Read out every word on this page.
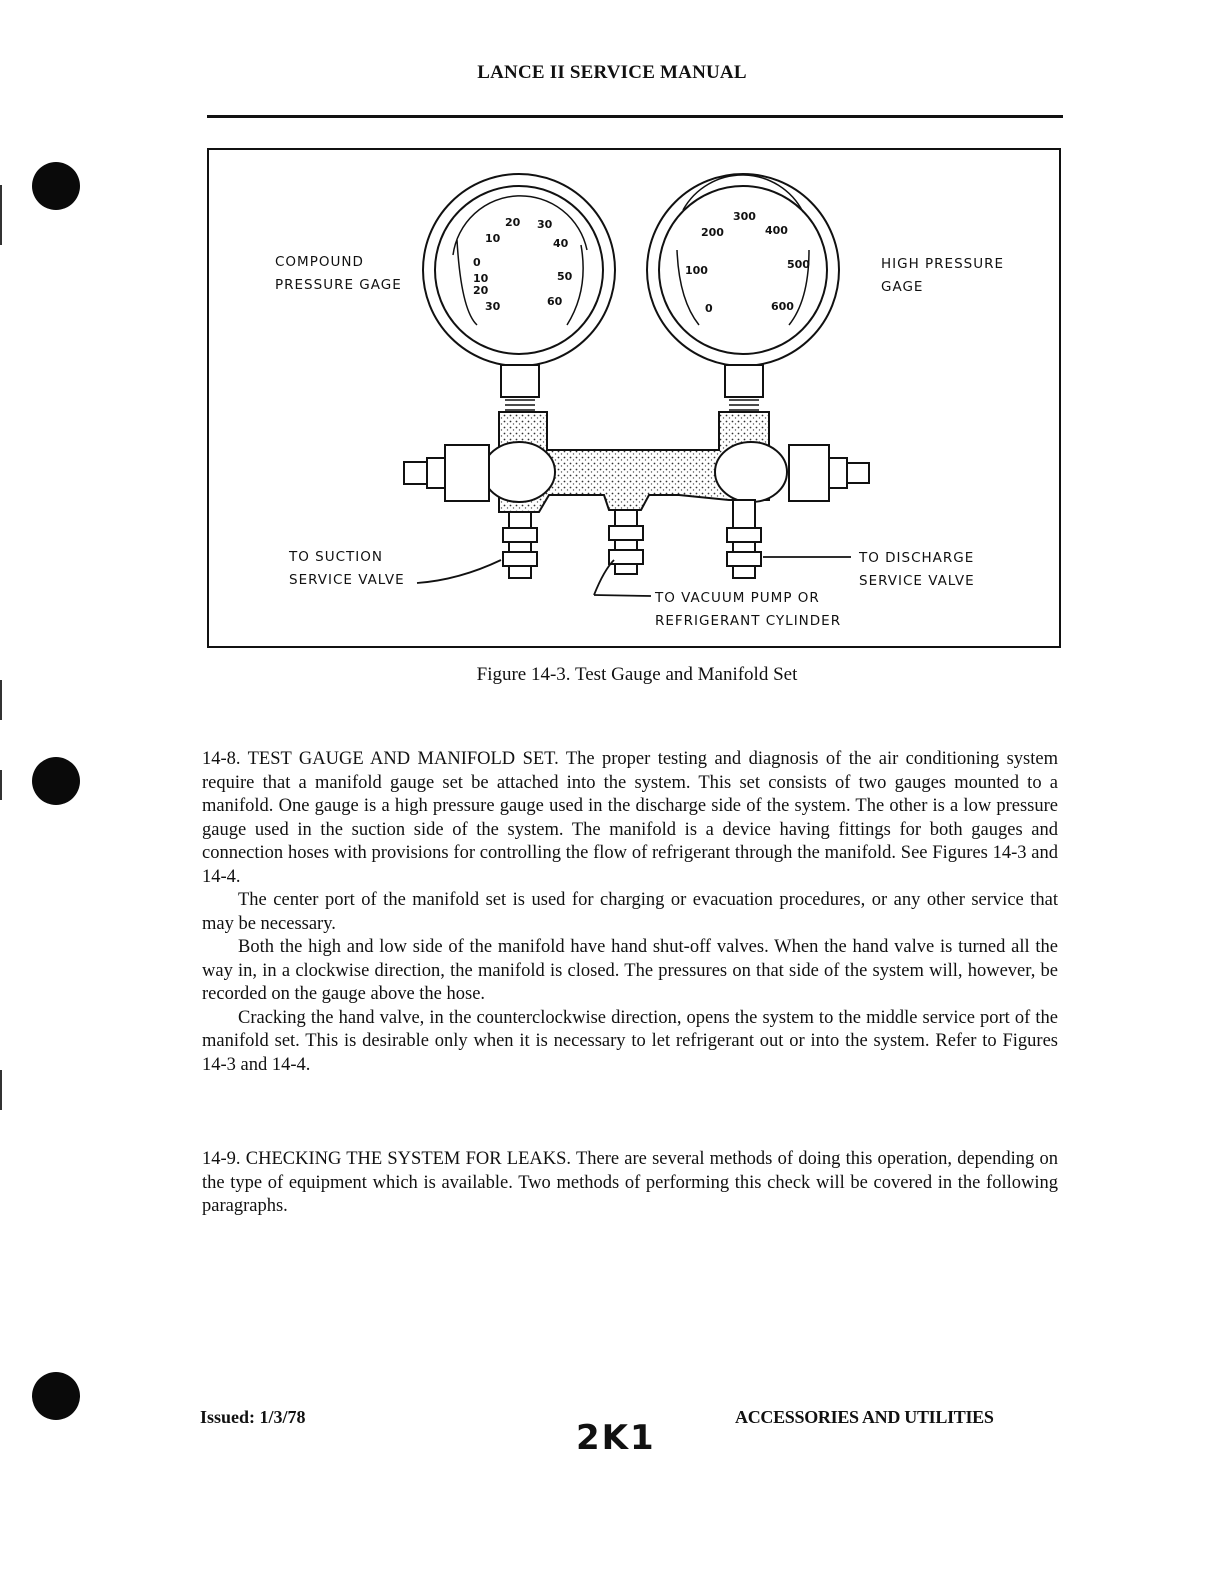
LANCE II SERVICE MANUAL
10
20 30
40
50
60
0
10
20
30
200
300
400
500
600
100
0
COMPOUND
PRESSURE GAGE
HIGH PRESSURE
GAGE
TO SUCTION
SERVICE VALVE
TO DISCHARGE
SERVICE VALVE
TO VACUUM PUMP OR
REFRIGERANT CYLINDER
Figure 14-3. Test Gauge and Manifold Set

14-8. TEST GAUGE AND MANIFOLD SET. The proper testing and diagnosis of the air conditioning system require that a manifold gauge set be attached into the system. This set consists of two gauges mounted to a manifold. One gauge is a high pressure gauge used in the discharge side of the system. The other is a low pressure gauge used in the suction side of the system. The manifold is a device having fittings for both gauges and connection hoses with provisions for controlling the flow of refrigerant through the manifold. See Figures 14-3 and 14-4.

The center port of the manifold set is used for charging or evacuation procedures, or any other service that may be necessary.

Both the high and low side of the manifold have hand shut-off valves. When the hand valve is turned all the way in, in a clockwise direction, the manifold is closed. The pressures on that side of the system will, however, be recorded on the gauge above the hose.

Cracking the hand valve, in the counterclockwise direction, opens the system to the middle service port of the manifold set. This is desirable only when it is necessary to let refrigerant out or into the system. Refer to Figures 14-3 and 14-4.

14-9. CHECKING THE SYSTEM FOR LEAKS. There are several methods of doing this operation, depending on the type of equipment which is available. Two methods of performing this check will be covered in the following paragraphs.

Issued: 1/3/78
2K1
ACCESSORIES AND UTILITIES
